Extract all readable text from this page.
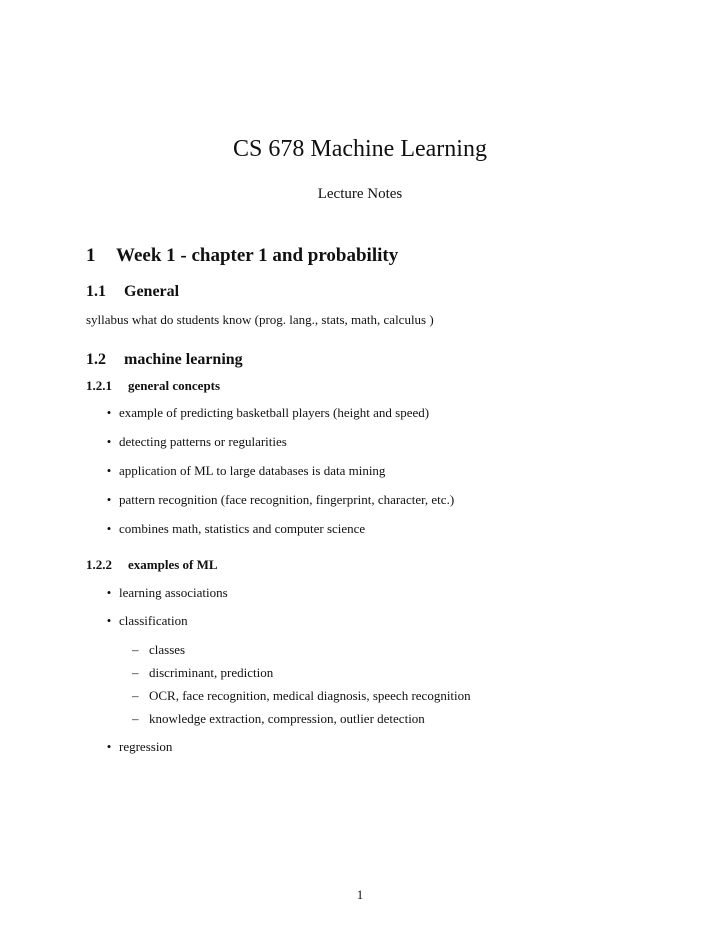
CS 678 Machine Learning
Lecture Notes
1 Week 1 - chapter 1 and probability
1.1 General

syllabus what do students know (prog. lang., stats, math, calculus )

1.2 machine learning
1.2.1 general concepts
• example of predicting basketball players (height and speed)
• detecting patterns or regularities
• application of ML to large databases is data mining
• pattern recognition (face recognition, fingerprint, character, etc.)
• combines math, statistics and computer science
1.2.2 examples of ML
• learning associations
• classification
– classes
– discriminant, prediction
– OCR, face recognition, medical diagnosis, speech recognition
– knowledge extraction, compression, outlier detection
• regression
1
